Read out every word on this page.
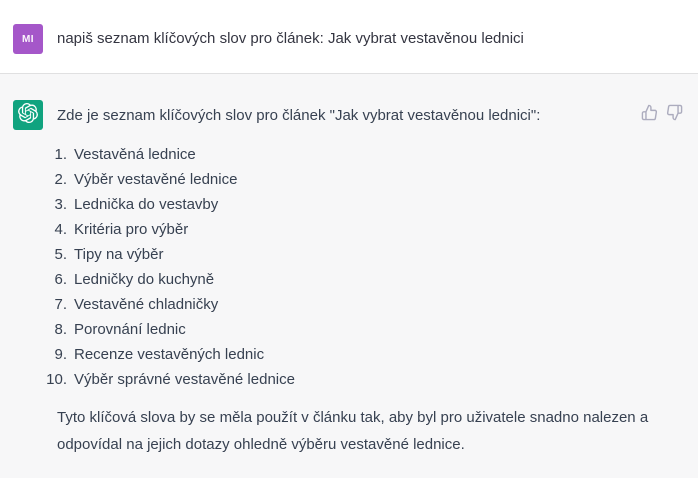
MI napiš seznam klíčových slov pro článek: Jak vybrat vestavěnou lednici

Zde je seznam klíčových slov pro článek "Jak vybrat vestavěnou lednici":

1. Vestavěná lednice
2. Výběr vestavěné lednice
3. Lednička do vestavby
4. Kritéria pro výběr
5. Tipy na výběr
6. Ledničky do kuchyně
7. Vestavěné chladničky
8. Porovnání lednic
9. Recenze vestavěných lednic
10. Výběr správné vestavěné lednice

Tyto klíčová slova by se měla použít v článku tak, aby byl pro uživatele snadno nalezen a odpovídal na jejich dotazy ohledně výběru vestavěné lednice.
